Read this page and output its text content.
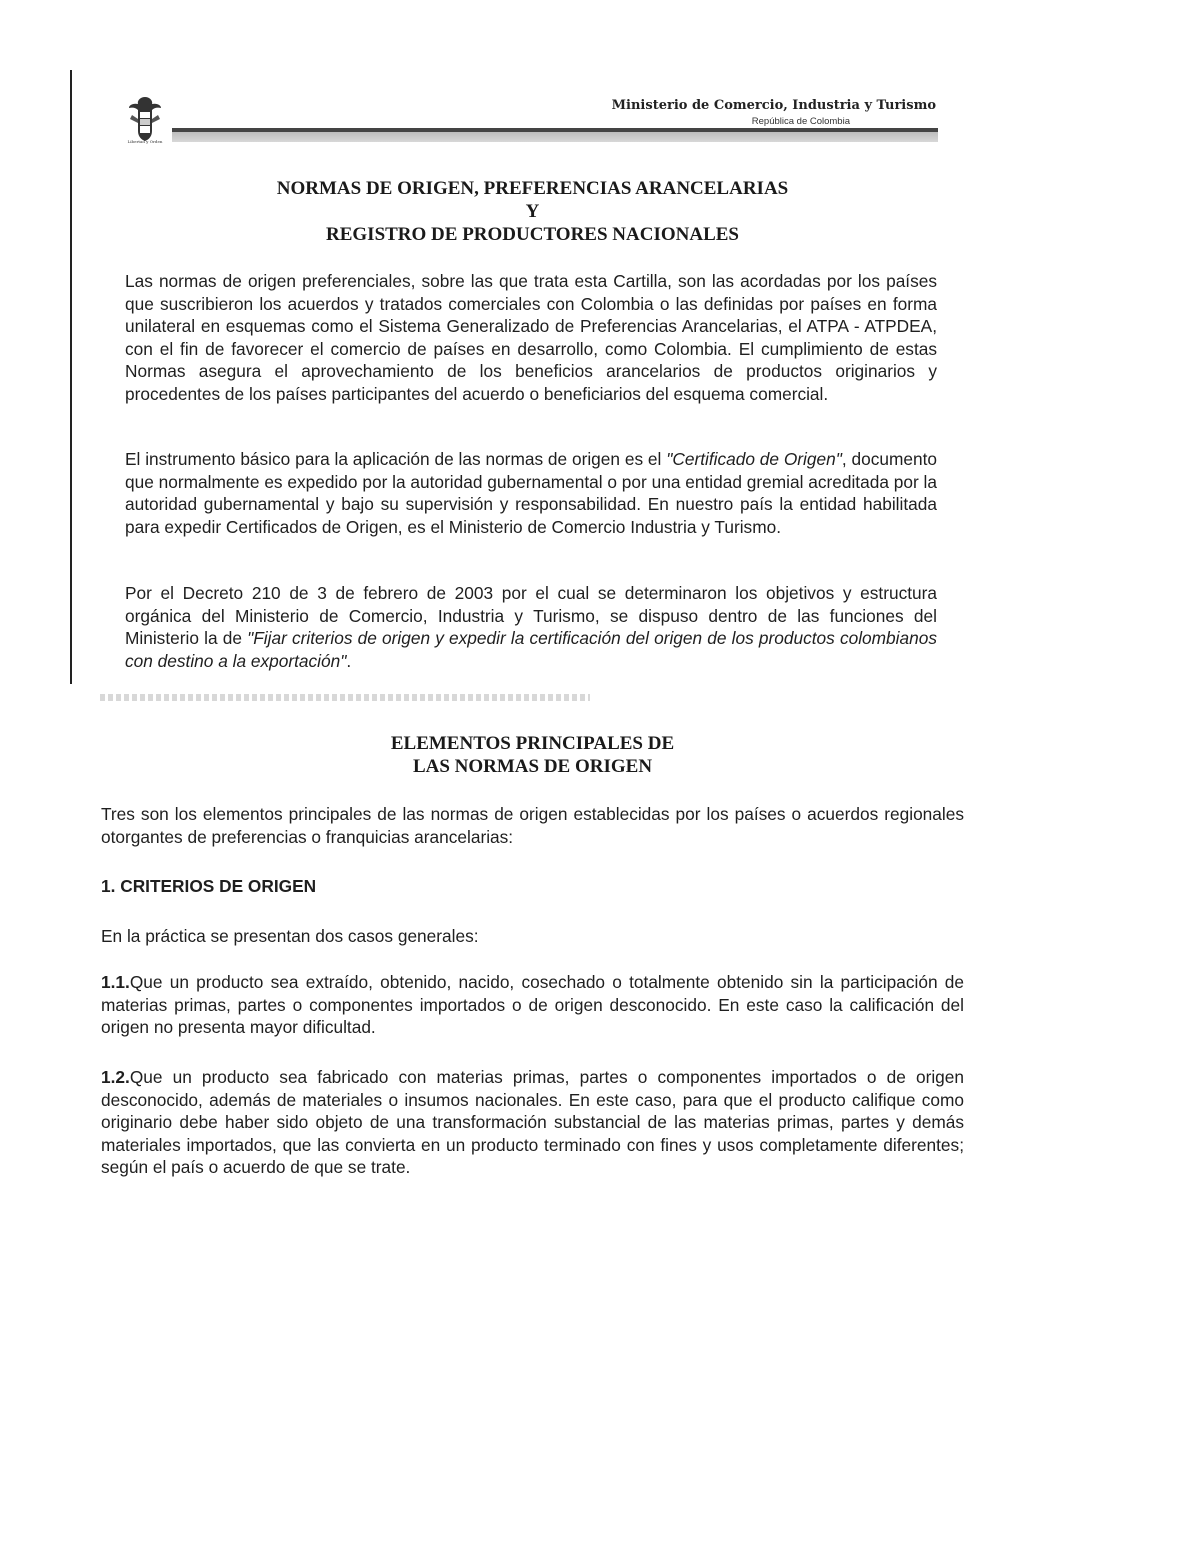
Libertad y Orden
Ministerio de Comercio, Industria y Turismo
República de Colombia
NORMAS DE ORIGEN, PREFERENCIAS ARANCELARIAS
Y
REGISTRO DE PRODUCTORES NACIONALES

Las normas de origen preferenciales, sobre las que trata esta Cartilla, son las acordadas por los países que suscribieron los acuerdos y tratados comerciales con Colombia o las definidas por países en forma unilateral en esquemas como el Sistema Generalizado de Preferencias Arancelarias, el ATPA - ATPDEA, con el fin de favorecer el comercio de países en desarrollo, como Colombia. El cumplimiento de estas Normas asegura el aprovechamiento de los beneficios arancelarios de productos originarios y procedentes de los países participantes del acuerdo o beneficiarios del esquema comercial.

El instrumento básico para la aplicación de las normas de origen es el "Certificado de Origen", documento que normalmente es expedido por la autoridad gubernamental o por una entidad gremial acreditada por la autoridad gubernamental y bajo su supervisión y responsabilidad. En nuestro país la entidad habilitada para expedir Certificados de Origen, es el Ministerio de Comercio Industria y Turismo.

Por el Decreto 210 de 3 de febrero de 2003 por el cual se determinaron los objetivos y estructura orgánica del Ministerio de Comercio, Industria y Turismo, se dispuso dentro de las funciones del Ministerio la de "Fijar criterios de origen y expedir la certificación del origen de los productos colombianos con destino a la exportación".

ELEMENTOS PRINCIPALES DE
LAS NORMAS DE ORIGEN

Tres son los elementos principales de las normas de origen establecidas por los países o acuerdos regionales otorgantes de preferencias o franquicias arancelarias:

1. CRITERIOS DE ORIGEN

En la práctica se presentan dos casos generales:

1.1.Que un producto sea extraído, obtenido, nacido, cosechado o totalmente obtenido sin la participación de materias primas, partes o componentes importados o de origen desconocido. En este caso la calificación del origen no presenta mayor dificultad.

1.2.Que un producto sea fabricado con materias primas, partes o componentes importados o de origen desconocido, además de materiales o insumos nacionales. En este caso, para que el producto califique como originario debe haber sido objeto de una transformación substancial de las materias primas, partes y demás materiales importados, que las convierta en un producto terminado con fines y usos completamente diferentes; según el país o acuerdo de que se trate.
